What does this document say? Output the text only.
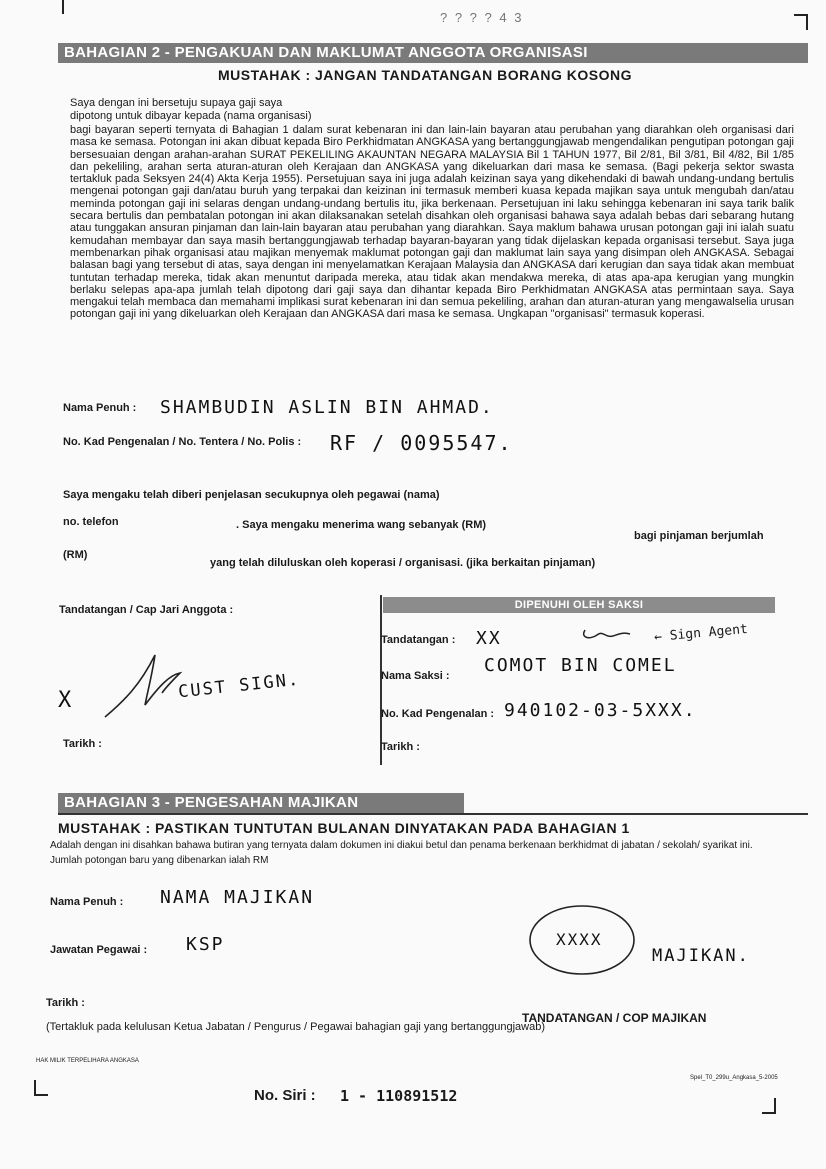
? ? ? ? 4 3
BAHAGIAN 2 - PENGAKUAN DAN MAKLUMAT ANGGOTA ORGANISASI
MUSTAHAK : JANGAN TANDATANGAN BORANG KOSONG
Saya dengan ini bersetuju supaya gaji saya
dipotong untuk dibayar kepada (nama organisasi)
bagi bayaran seperti ternyata di Bahagian 1 dalam surat kebenaran ini dan lain-lain bayaran atau perubahan yang diarahkan oleh organisasi dari masa ke semasa. Potongan ini akan dibuat kepada Biro Perkhidmatan ANGKASA yang bertanggungjawab mengendalikan pengutipan potongan gaji bersesuaian dengan arahan-arahan SURAT PEKELILING AKAUNTAN NEGARA MALAYSIA Bil 1 TAHUN 1977, Bil 2/81, Bil 3/81, Bil 4/82, Bil 1/85 dan pekeliling, arahan serta aturan-aturan oleh Kerajaan dan ANGKASA yang dikeluarkan dari masa ke semasa. (Bagi pekerja sektor swasta tertakluk pada Seksyen 24(4) Akta Kerja 1955). Persetujuan saya ini juga adalah keizinan saya yang dikehendaki di bawah undang-undang bertulis mengenai potongan gaji dan/atau buruh yang terpakai dan keizinan ini termasuk memberi kuasa kepada majikan saya untuk mengubah dan/atau meminda potongan gaji ini selaras dengan undang-undang bertulis itu, jika berkenaan. Persetujuan ini laku sehingga kebenaran ini saya tarik balik secara bertulis dan pembatalan potongan ini akan dilaksanakan setelah disahkan oleh organisasi bahawa saya adalah bebas dari sebarang hutang atau tunggakan ansuran pinjaman dan lain-lain bayaran atau perubahan yang diarahkan. Saya maklum bahawa urusan potongan gaji ini ialah suatu kemudahan membayar dan saya masih bertanggungjawab terhadap bayaran-bayaran yang tidak dijelaskan kepada organisasi tersebut. Saya juga membenarkan pihak organisasi atau majikan menyemak maklumat potongan gaji dan maklumat lain saya yang disimpan oleh ANGKASA. Sebagai balasan bagi yang tersebut di atas, saya dengan ini menyelamatkan Kerajaan Malaysia dan ANGKASA dari kerugian dan saya tidak akan membuat tuntutan terhadap mereka, tidak akan menuntut daripada mereka, atau tidak akan mendakwa mereka, di atas apa-apa kerugian yang mungkin berlaku selepas apa-apa jumlah telah dipotong dari gaji saya dan dihantar kepada Biro Perkhidmatan ANGKASA atas permintaan saya. Saya mengakui telah membaca dan memahami implikasi surat kebenaran ini dan semua pekeliling, arahan dan aturan-aturan yang mengawalselia urusan potongan gaji ini yang dikeluarkan oleh Kerajaan dan ANGKASA dari masa ke semasa. Ungkapan "organisasi" termasuk koperasi.
Nama Penuh : SHAMBUDIN ASLIN BIN AHMAD.
No. Kad Pengenalan / No. Tentera / No. Polis : RF / 0095547.
Saya mengaku telah diberi penjelasan secukupnya oleh pegawai (nama)
no. telefon	. Saya mengaku menerima wang sebanyak (RM)
bagi pinjaman berjumlah
(RM)
yang telah diluluskan oleh koperasi / organisasi. (jika berkaitan pinjaman)
Tandatangan / Cap Jari Anggota :
X	CUST SIGN.
Tarikh :
DIPENUHI OLEH SAKSI
Tandatangan : XX	← Sign Agent
Nama Saksi : COMOT BIN COMEL
No. Kad Pengenalan : 940102-03-5XXX.
Tarikh :
BAHAGIAN 3 - PENGESAHAN MAJIKAN
MUSTAHAK : PASTIKAN TUNTUTAN BULANAN DINYATAKAN PADA BAHAGIAN 1
Adalah dengan ini disahkan bahawa butiran yang ternyata dalam dokumen ini diakui betul dan penama berkenaan berkhidmat di jabatan / sekolah/ syarikat ini.
Jumlah potongan baru yang dibenarkan ialah RM
Nama Penuh : NAMA MAJIKAN
Jawatan Pegawai : KSP	XXXX
MAJIKAN.
Tarikh :
TANDATANGAN / COP MAJIKAN
(Tertakluk pada kelulusan Ketua Jabatan / Pengurus / Pegawai bahagian gaji yang bertanggungjawab)
HAK MILIK TERPELIHARA ANGKASA
Spel_T0_299u_Angkasa_5-2005
No. Siri : 1 - 110891512
